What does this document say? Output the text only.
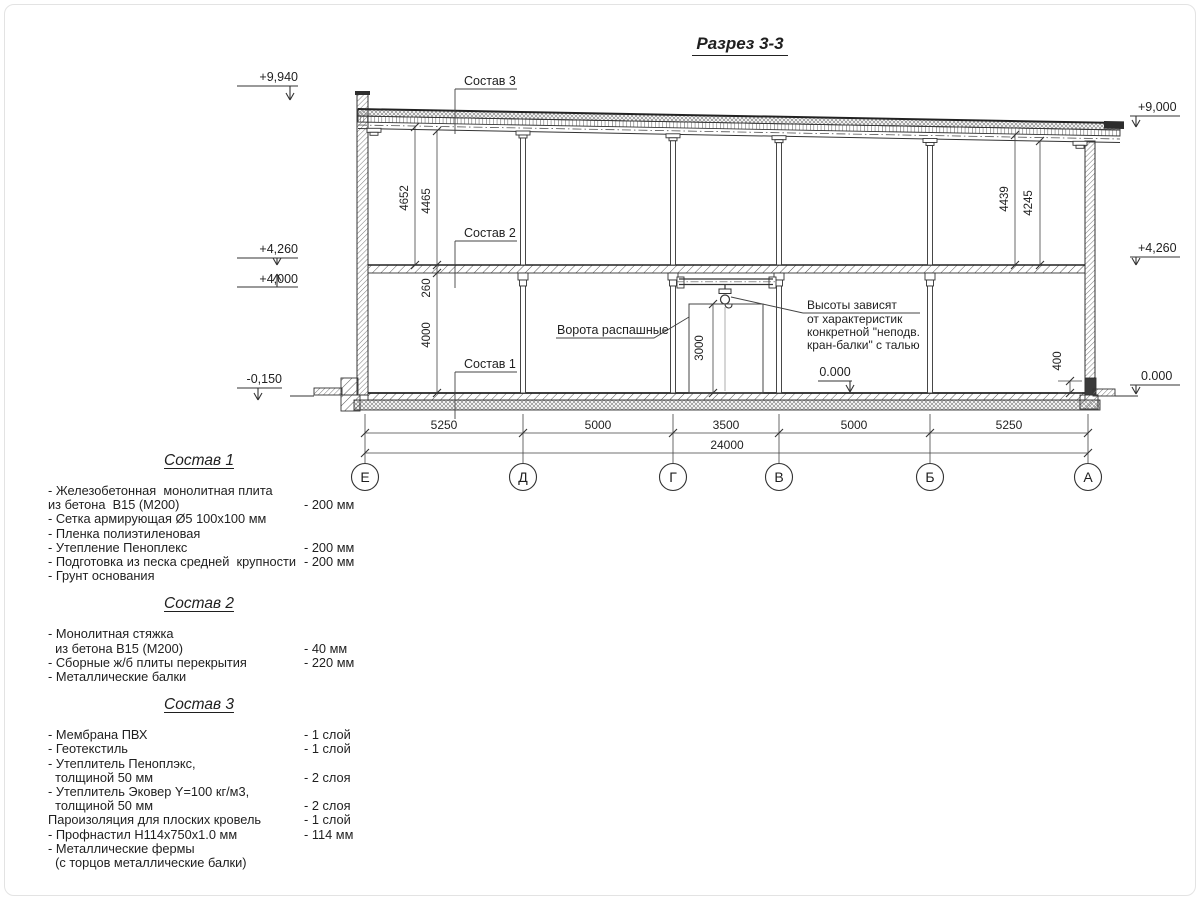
Разрез 3-3
Е	Д	Г	В	Б	А
5250	5000	3500	5000	5250
24000
4652 4465
260
4000
4439 4245
400
3000
+9,940
+4,260
+4,000
-0,150
+9,000
+4,260
0.000
0.000
Состав 3
Состав 2
Состав 1
Ворота распашные
Высоты зависят
от характеристик
конкретной "неподв.
кран-балки" с талью
Состав 1
- Железобетонная  монолитная плита
из бетона  В15 (М200)	- 200 мм
- Сетка армирующая Ø5 100х100 мм
- Пленка полиэтиленовая
- Утепление Пеноплекс	- 200 мм
- Подготовка из песка средней  крупности - 200 мм
- Грунт основания
Состав 2
- Монолитная стяжка
из бетона В15 (М200)	- 40 мм
- Сборные ж/б плиты перекрытия	- 220 мм
- Металлические балки
Состав 3
- Мембрана ПВХ	- 1 слой
- Геотекстиль	- 1 слой
- Утеплитель Пеноплэкс,
толщиной 50 мм	- 2 слоя
- Утеплитель Эковер Y=100 кг/м3,
толщиной 50 мм	- 2 слоя
Пароизоляция для плоских кровель	- 1 слой
- Профнастил Н114х750х1.0 мм	- 114 мм
- Металлические фермы
(с торцов металлические балки)
